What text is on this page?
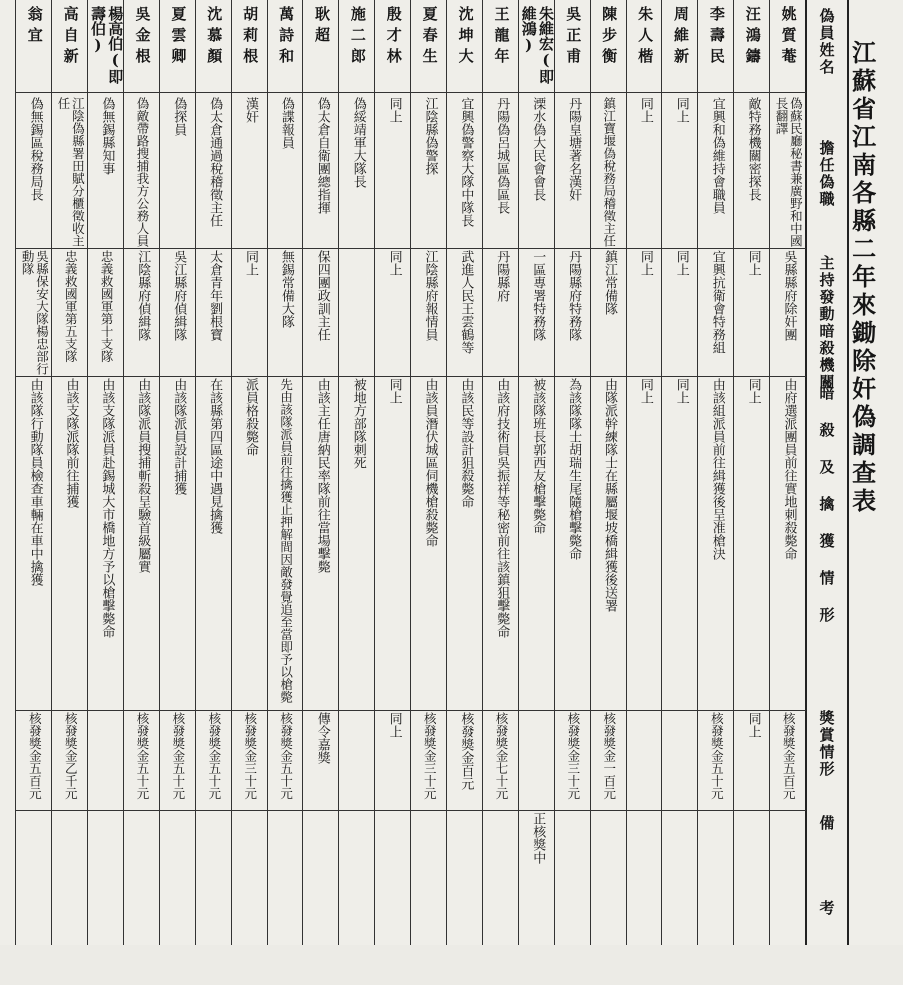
江蘇省江南各縣二年來鋤除奸偽調查表
偽員姓名
擔任偽職
主持發動暗殺機關
暗殺及擒獲情形
獎賞情形
備考
姚質菴
偽蘇民廳秘書兼廣野和中國長翻譯
吳縣縣府除奸團
由府選派團員前往實地刺殺斃命
核發獎金五百元
汪鴻鑄
敵特務機關密探長
同上
同上
同上
李壽民
宜興和偽維持會職員
宜興抗衛會特務組
由該組派員前往緝獲後呈准槍決
核發獎金五十元
周維新
同上
同上
同上
朱人楷
同上
同上
同上
陳步衡
鎮江寶堰偽稅務局稽徵主任
鎮江常備隊
由隊派幹練隊士在縣屬堰坡橋緝獲後送署
核發獎金一百元
吳正甫
丹陽皇塘著名漢奸
丹陽縣府特務隊
為該隊隊士胡瑞生尾隨槍擊斃命
核發獎金三十元
朱維宏(即維鴻)
溧水偽大民會會長
一區專署特務隊
被該隊班長郭西友槍擊斃命
正核獎中
王龍年
丹陽偽呂城區偽區長
丹陽縣府
由該府技術員吳振祥等秘密前往該鎮狙擊斃命
核發獎金七十元
沈坤大
宜興偽警察大隊中隊長
武進人民王雲鶴等
由該民等設計狙殺斃命
核發獎金百元
夏春生
江陰縣偽警探
江陰縣府報情員
由該員潛伏城區伺機槍殺斃命
核發獎金三十元
殷才林
同上
同上
同上
同上
施二郎
偽綏靖軍大隊長
被地方部隊刺死
耿超
偽太倉自衛團總指揮
保四團政訓主任
由該主任唐納民率隊前往當場擊斃
傳令嘉獎
萬詩和
偽諜報員
無錫常備大隊
先由該隊派員前往擒獲止押解間因敵發覺追至當即予以槍斃
核發獎金五十元
胡莉根
漢奸
同上
派員格殺斃命
核發獎金三十元
沈慕顏
偽太倉通過稅稽徵主任
太倉青年劉根寶
在該縣第四區途中遇見擒獲
核發獎金五十元
夏雲卿
偽探員
吳江縣府偵緝隊
由該隊派員設計捕獲
核發獎金五十元
吳金根
偽敵帶路搜捕我方公務人員
江陰縣府偵緝隊
由該隊派員搜捕斬殺呈驗首級屬實
核發獎金五十元
楊高伯(即壽伯)
偽無錫縣知事
忠義救國軍第十支隊
由該支隊派員赴錫城大市橋地方予以槍擊斃命
高自新
江陰偽縣署田賦分櫃徵收主任
忠義救國軍第五支隊
由該支隊派隊前往捕獲
核發獎金乙千元
翁宜
偽無錫區稅務局長
吳縣保安大隊楊忠部行動隊
由該隊行動隊員檢查車輛在車中擒獲
核發獎金五百元
